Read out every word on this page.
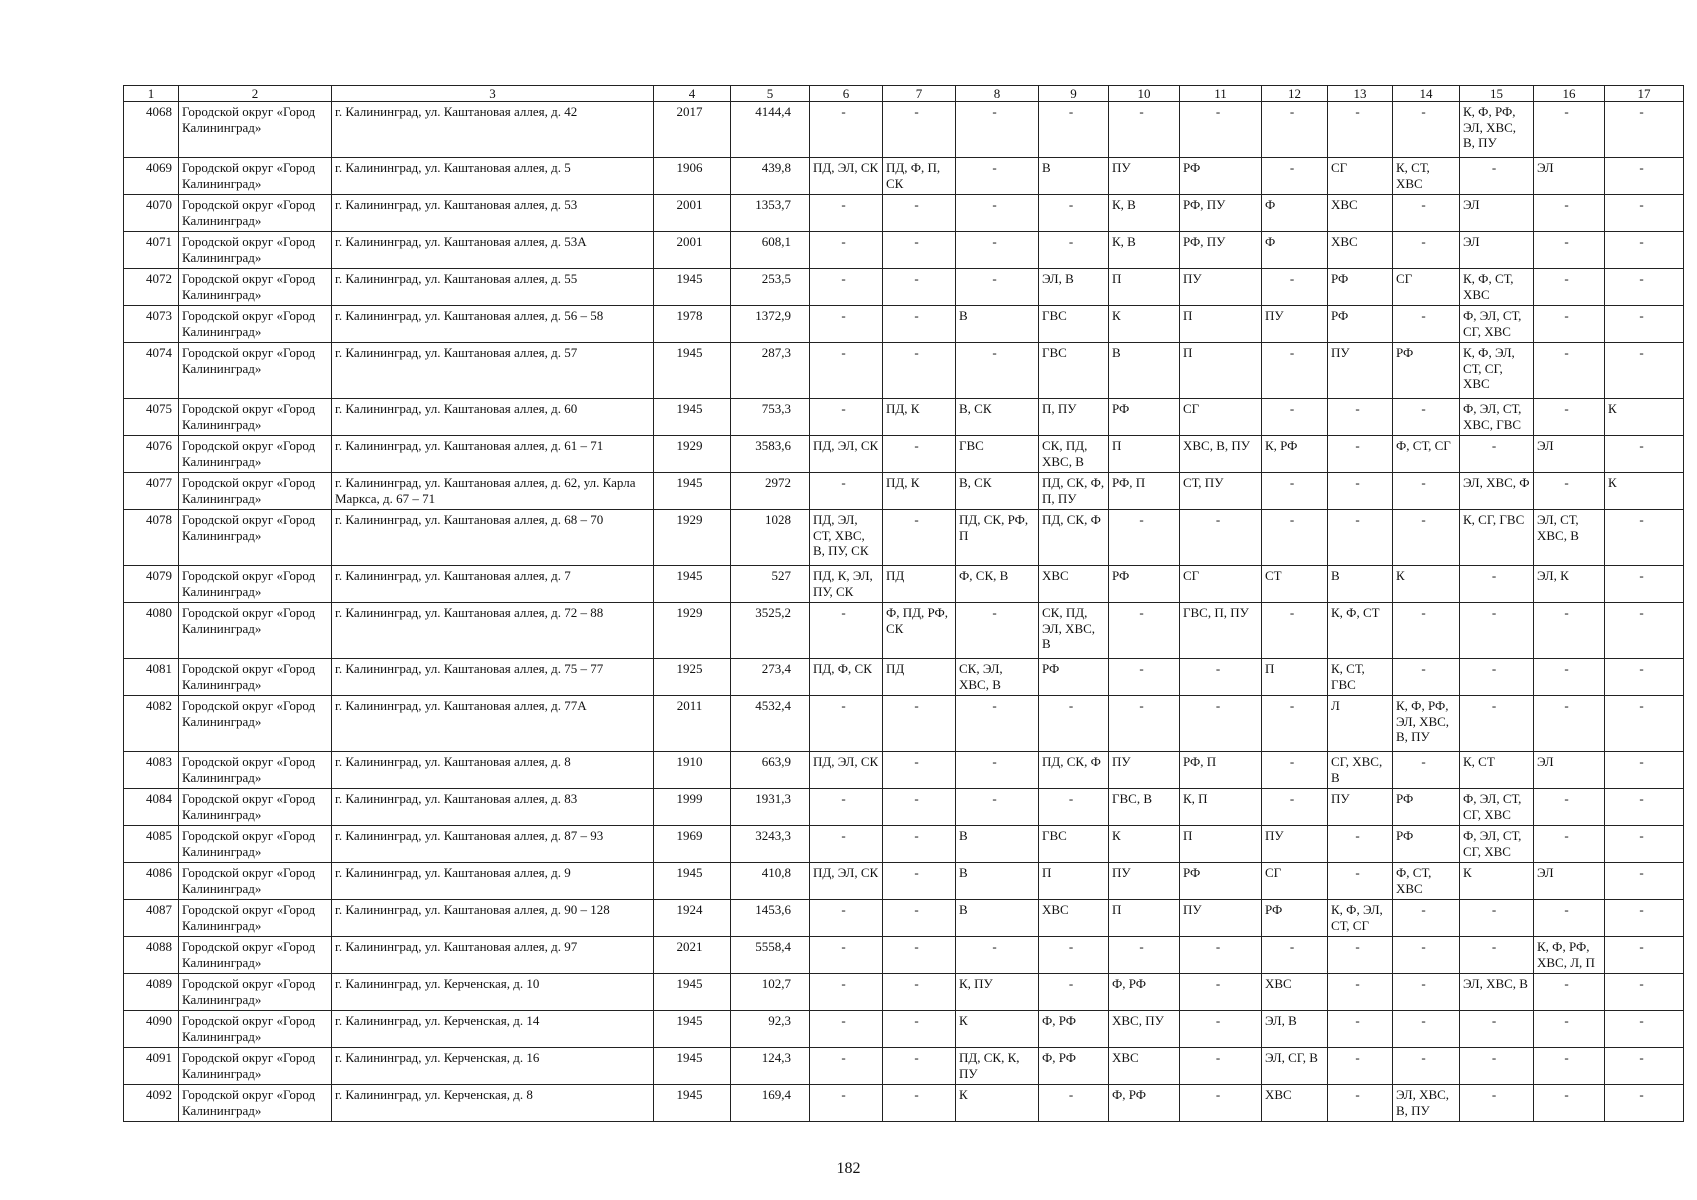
1	2	3	4	5	6	7	8	9	10	11	12	13	14	15	16	17
4068	Городской округ «Город Калининград»	г. Калининград, ул. Каштановая аллея, д. 42	2017	4144,4	-	-	-	-	-	-	-	-	-	К, Ф, РФ, ЭЛ, ХВС, В, ПУ	-	-
4069	Городской округ «Город Калининград»	г. Калининград, ул. Каштановая аллея, д. 5	1906	439,8	ПД, ЭЛ, СК	ПД, Ф, П, СК	-	В	ПУ	РФ	-	СГ	К, СТ, ХВС	-	ЭЛ	-
4070	Городской округ «Город Калининград»	г. Калининград, ул. Каштановая аллея, д. 53	2001	1353,7	-	-	-	-	К, В	РФ, ПУ	Ф	ХВС	-	ЭЛ	-	-
4071	Городской округ «Город Калининград»	г. Калининград, ул. Каштановая аллея, д. 53А	2001	608,1	-	-	-	-	К, В	РФ, ПУ	Ф	ХВС	-	ЭЛ	-	-
4072	Городской округ «Город Калининград»	г. Калининград, ул. Каштановая аллея, д. 55	1945	253,5	-	-	-	ЭЛ, В	П	ПУ	-	РФ	СГ	К, Ф, СТ, ХВС	-	-
4073	Городской округ «Город Калининград»	г. Калининград, ул. Каштановая аллея, д. 56 – 58	1978	1372,9	-	-	В	ГВС	К	П	ПУ	РФ	-	Ф, ЭЛ, СТ, СГ, ХВС	-	-
4074	Городской округ «Город Калининград»	г. Калининград, ул. Каштановая аллея, д. 57	1945	287,3	-	-	-	ГВС	В	П	-	ПУ	РФ	К, Ф, ЭЛ, СТ, СГ, ХВС	-	-
4075	Городской округ «Город Калининград»	г. Калининград, ул. Каштановая аллея, д. 60	1945	753,3	-	ПД, К	В, СК	П, ПУ	РФ	СГ	-	-	-	Ф, ЭЛ, СТ, ХВС, ГВС	-	К
4076	Городской округ «Город Калининград»	г. Калининград, ул. Каштановая аллея, д. 61 – 71	1929	3583,6	ПД, ЭЛ, СК	-	ГВС	СК, ПД, ХВС, В	П	ХВС, В, ПУ	К, РФ	-	Ф, СТ, СГ	-	ЭЛ	-
4077	Городской округ «Город Калининград»	г. Калининград, ул. Каштановая аллея, д. 62, ул. Карла Маркса, д. 67 – 71	1945	2972	-	ПД, К	В, СК	ПД, СК, Ф, П, ПУ	РФ, П	СТ, ПУ	-	-	-	ЭЛ, ХВС, Ф	-	К
4078	Городской округ «Город Калининград»	г. Калининград, ул. Каштановая аллея, д. 68 – 70	1929	1028	ПД, ЭЛ, СТ, ХВС, В, ПУ, СК	-	ПД, СК, РФ, П	ПД, СК, Ф	-	-	-	-	-	К, СГ, ГВС	ЭЛ, СТ, ХВС, В	-
4079	Городской округ «Город Калининград»	г. Калининград, ул. Каштановая аллея, д. 7	1945	527	ПД, К, ЭЛ, ПУ, СК	ПД	Ф, СК, В	ХВС	РФ	СГ	СТ	В	К	-	ЭЛ, К	-
4080	Городской округ «Город Калининград»	г. Калининград, ул. Каштановая аллея, д. 72 – 88	1929	3525,2	-	Ф, ПД, РФ, СК	-	СК, ПД, ЭЛ, ХВС, В	-	ГВС, П, ПУ	-	К, Ф, СТ	-	-	-	-
4081	Городской округ «Город Калининград»	г. Калининград, ул. Каштановая аллея, д. 75 – 77	1925	273,4	ПД, Ф, СК	ПД	СК, ЭЛ, ХВС, В	РФ	-	-	П	К, СТ, ГВС	-	-	-	-
4082	Городской округ «Город Калининград»	г. Калининград, ул. Каштановая аллея, д. 77А	2011	4532,4	-	-	-	-	-	-	-	Л	К, Ф, РФ, ЭЛ, ХВС, В, ПУ	-	-	-
4083	Городской округ «Город Калининград»	г. Калининград, ул. Каштановая аллея, д. 8	1910	663,9	ПД, ЭЛ, СК	-	-	ПД, СК, Ф	ПУ	РФ, П	-	СГ, ХВС, В	-	К, СТ	ЭЛ	-
4084	Городской округ «Город Калининград»	г. Калининград, ул. Каштановая аллея, д. 83	1999	1931,3	-	-	-	-	ГВС, В	К, П	-	ПУ	РФ	Ф, ЭЛ, СТ, СГ, ХВС	-	-
4085	Городской округ «Город Калининград»	г. Калининград, ул. Каштановая аллея, д. 87 – 93	1969	3243,3	-	-	В	ГВС	К	П	ПУ	-	РФ	Ф, ЭЛ, СТ, СГ, ХВС	-	-
4086	Городской округ «Город Калининград»	г. Калининград, ул. Каштановая аллея, д. 9	1945	410,8	ПД, ЭЛ, СК	-	В	П	ПУ	РФ	СГ	-	Ф, СТ, ХВС	К	ЭЛ	-
4087	Городской округ «Город Калининград»	г. Калининград, ул. Каштановая аллея, д. 90 – 128	1924	1453,6	-	-	В	ХВС	П	ПУ	РФ	К, Ф, ЭЛ, СТ, СГ	-	-	-	-
4088	Городской округ «Город Калининград»	г. Калининград, ул. Каштановая аллея, д. 97	2021	5558,4	-	-	-	-	-	-	-	-	-	-	К, Ф, РФ, ХВС, Л, П	-
4089	Городской округ «Город Калининград»	г. Калининград, ул. Керченская, д. 10	1945	102,7	-	-	К, ПУ	-	Ф, РФ	-	ХВС	-	-	ЭЛ, ХВС, В	-	-
4090	Городской округ «Город Калининград»	г. Калининград, ул. Керченская, д. 14	1945	92,3	-	-	К	Ф, РФ	ХВС, ПУ	-	ЭЛ, В	-	-	-	-	-
4091	Городской округ «Город Калининград»	г. Калининград, ул. Керченская, д. 16	1945	124,3	-	-	ПД, СК, К, ПУ	Ф, РФ	ХВС	-	ЭЛ, СГ, В	-	-	-	-	-
4092	Городской округ «Город Калининград»	г. Калининград, ул. Керченская, д. 8	1945	169,4	-	-	К	-	Ф, РФ	-	ХВС	-	ЭЛ, ХВС, В, ПУ	-	-	-
182
